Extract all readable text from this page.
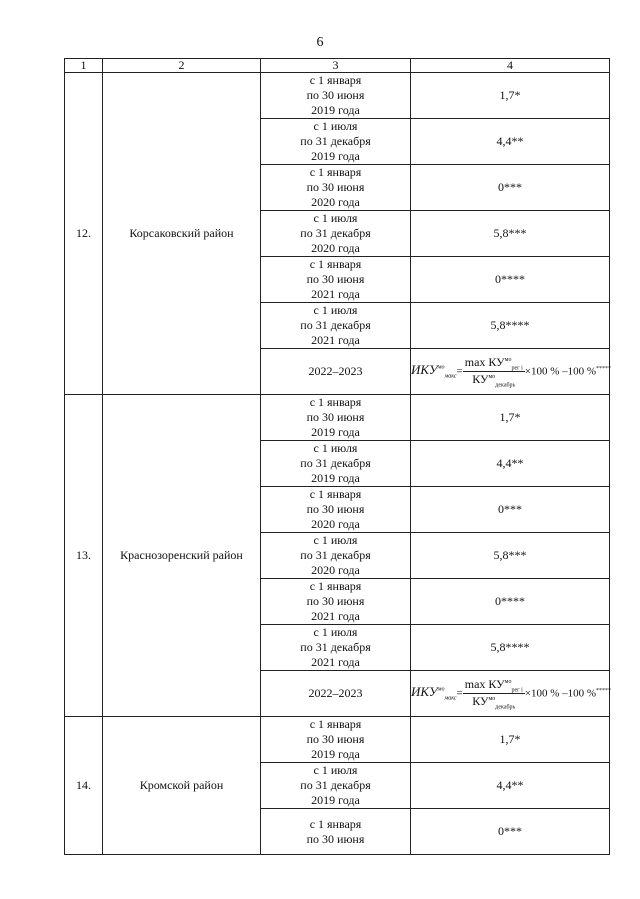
6
1	2	3	4
12.	Корсаковский район	с 1 января
по 30 июня
2019 года	1,7*

		с 1 июля
по 31 декабря
2019 года	4,4**

		с 1 января
по 30 июня
2020 года	0***

		с 1 июля
по 31 декабря
2020 года	5,8***

		с 1 января
по 30 июня
2021 года	0****

		с 1 июля
по 31 декабря
2021 года	5,8****

		2022–2023	$ИКУ^{мо}_{макс}= \frac{\max КУ^{мо}_{рег i}}{КУ^{мо}_{декабрь}} \times 100$ % –100 %*****
13.	Краснозоренский район	с 1 января
по 30 июня
2019 года	1,7*

		с 1 июля
по 31 декабря
2019 года	4,4**

		с 1 января
по 30 июня
2020 года	0***

		с 1 июля
по 31 декабря
2020 года	5,8***

		с 1 января
по 30 июня
2021 года	0****

		с 1 июля
по 31 декабря
2021 года	5,8****

		2022–2023	$ИКУ^{мо}_{макс}= \frac{\max КУ^{мо}_{рег i}}{КУ^{мо}_{декабрь}} \times 100$ % –100 %*****
14.	Кромской район	с 1 января
по 30 июня
2019 года	1,7*

		с 1 июля
по 31 декабря
2019 года	4,4**

		с 1 января
по 30 июня	0***
